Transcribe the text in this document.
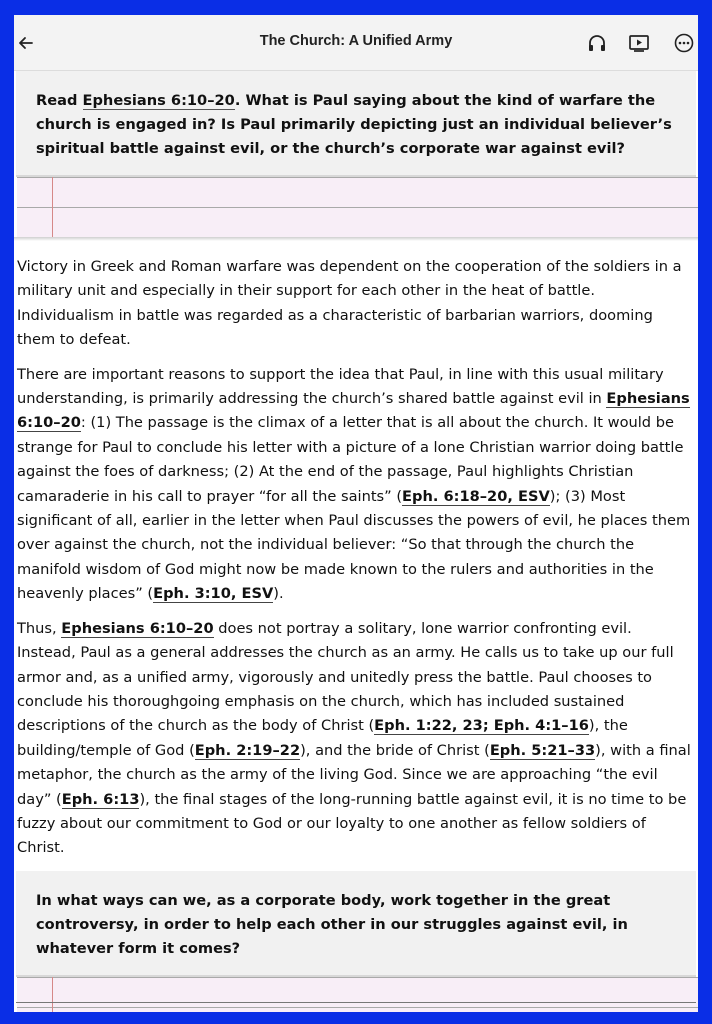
The Church: A Unified Army
Read Ephesians 6:10–20. What is Paul saying about the kind of warfare the church is engaged in? Is Paul primarily depicting just an individual believer’s spiritual battle against evil, or the church’s corporate war against evil?

Victory in Greek and Roman warfare was dependent on the cooperation of the soldiers in a military unit and especially in their support for each other in the heat of battle. Individualism in battle was regarded as a characteristic of barbarian warriors, dooming them to defeat.

There are important reasons to support the idea that Paul, in line with this usual military understanding, is primarily addressing the church’s shared battle against evil in Ephesians 6:10–20: (1) The passage is the climax of a letter that is all about the church. It would be strange for Paul to conclude his letter with a picture of a lone Christian warrior doing battle against the foes of darkness; (2) At the end of the passage, Paul highlights Christian camaraderie in his call to prayer “for all the saints” (Eph. 6:18–20, ESV); (3) Most significant of all, earlier in the letter when Paul discusses the powers of evil, he places them over against the church, not the individual believer: “So that through the church the manifold wisdom of God might now be made known to the rulers and authorities in the heavenly places” (Eph. 3:10, ESV).

Thus, Ephesians 6:10–20 does not portray a solitary, lone warrior confronting evil. Instead, Paul as a general addresses the church as an army. He calls us to take up our full armor and, as a unified army, vigorously and unitedly press the battle. Paul chooses to conclude his thoroughgoing emphasis on the church, which has included sustained descriptions of the church as the body of Christ (Eph. 1:22, 23; Eph. 4:1–16), the building/temple of God (Eph. 2:19–22), and the bride of Christ (Eph. 5:21–33), with a final metaphor, the church as the army of the living God. Since we are approaching “the evil day” (Eph. 6:13), the final stages of the long-running battle against evil, it is no time to be fuzzy about our commitment to God or our loyalty to one another as fellow soldiers of Christ.

In what ways can we, as a corporate body, work together in the great controversy, in order to help each other in our struggles against evil, in whatever form it comes?
